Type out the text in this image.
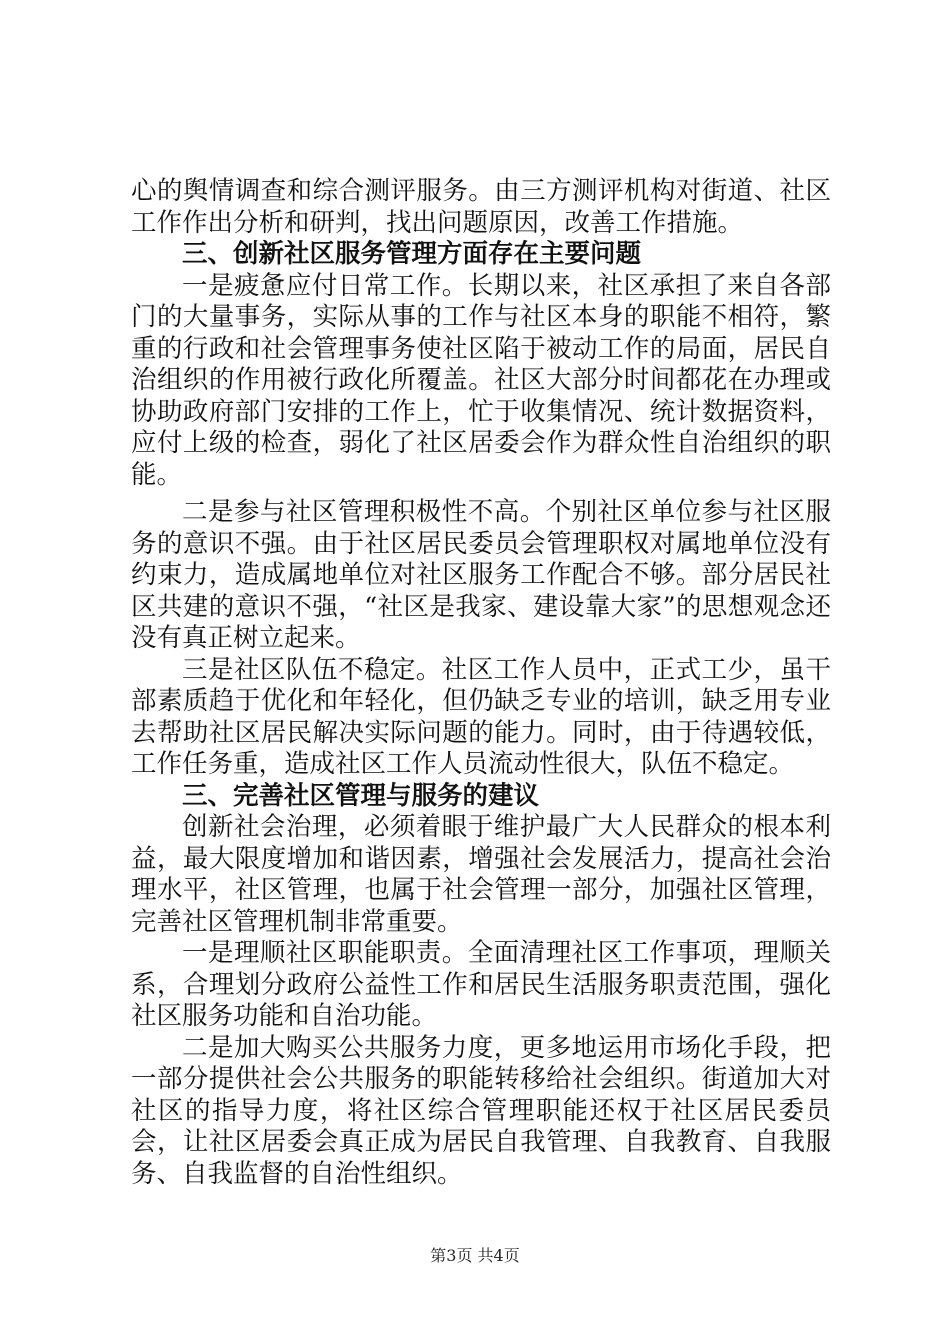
心的舆情调查和综合测评服务。由三方测评机构对街道、社区工作作出分析和研判，找出问题原因，改善工作措施。

三、创新社区服务管理方面存在主要问题

一是疲惫应付日常工作。长期以来，社区承担了来自各部门的大量事务，实际从事的工作与社区本身的职能不相符，繁重的行政和社会管理事务使社区陷于被动工作的局面，居民自治组织的作用被行政化所覆盖。社区大部分时间都花在办理或协助政府部门安排的工作上，忙于收集情况、统计数据资料，应付上级的检查，弱化了社区居委会作为群众性自治组织的职能。

二是参与社区管理积极性不高。个别社区单位参与社区服务的意识不强。由于社区居民委员会管理职权对属地单位没有约束力，造成属地单位对社区服务工作配合不够。部分居民社区共建的意识不强，“社区是我家、建设靠大家”的思想观念还没有真正树立起来。

三是社区队伍不稳定。社区工作人员中，正式工少，虽干部素质趋于优化和年轻化，但仍缺乏专业的培训，缺乏用专业去帮助社区居民解决实际问题的能力。同时，由于待遇较低，工作任务重，造成社区工作人员流动性很大，队伍不稳定。

三、完善社区管理与服务的建议

创新社会治理，必须着眼于维护最广大人民群众的根本利益，最大限度增加和谐因素，增强社会发展活力，提高社会治理水平，社区管理，也属于社会管理一部分，加强社区管理，完善社区管理机制非常重要。

一是理顺社区职能职责。全面清理社区工作事项，理顺关系，合理划分政府公益性工作和居民生活服务职责范围，强化社区服务功能和自治功能。

二是加大购买公共服务力度，更多地运用市场化手段，把一部分提供社会公共服务的职能转移给社会组织。街道加大对社区的指导力度，将社区综合管理职能还权于社区居民委员会，让社区居委会真正成为居民自我管理、自我教育、自我服务、自我监督的自治性组织。

第3页 共4页
